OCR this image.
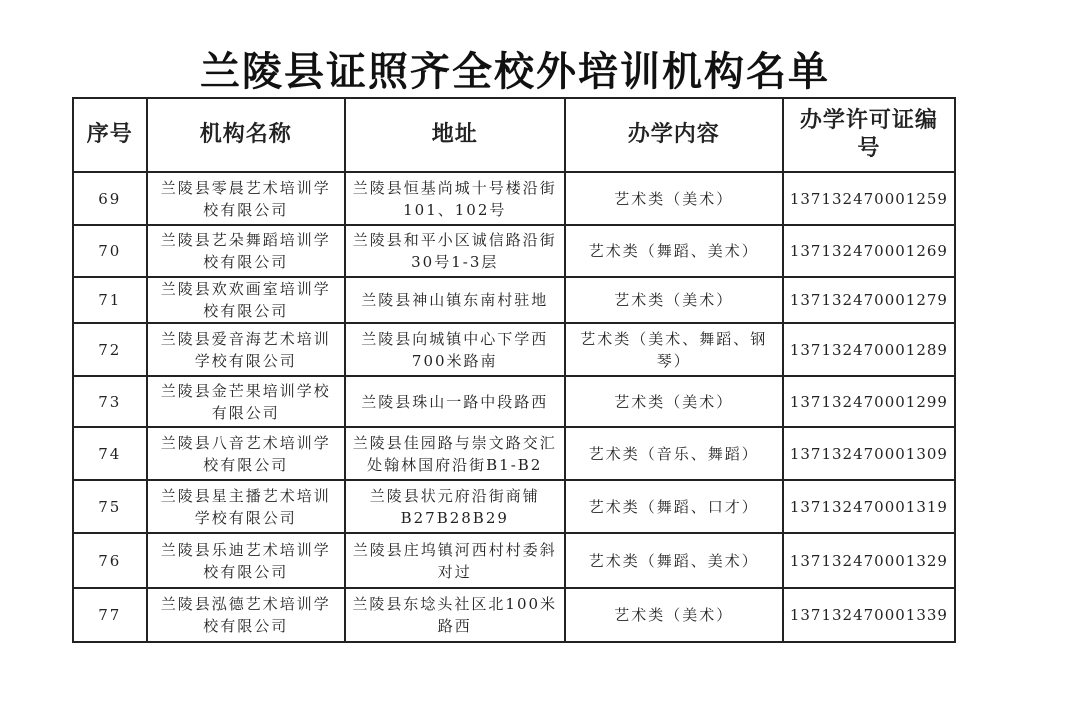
兰陵县证照齐全校外培训机构名单
序号	机构名称	地址	办学内容	办学许可证编号
69	兰陵县零晨艺术培训学校有限公司	兰陵县恒基尚城十号楼沿街101、102号	艺术类（美术）	137132470001259
70	兰陵县艺朵舞蹈培训学校有限公司	兰陵县和平小区诚信路沿街30号1-3层	艺术类（舞蹈、美术）	137132470001269
71	兰陵县欢欢画室培训学校有限公司	兰陵县神山镇东南村驻地	艺术类（美术）	137132470001279
72	兰陵县爱音海艺术培训学校有限公司	兰陵县向城镇中心下学西700米路南	艺术类（美术、舞蹈、钢琴）	137132470001289
73	兰陵县金芒果培训学校有限公司	兰陵县珠山一路中段路西	艺术类（美术）	137132470001299
74	兰陵县八音艺术培训学校有限公司	兰陵县佳园路与崇文路交汇处翰林国府沿街B1-B2	艺术类（音乐、舞蹈）	137132470001309
75	兰陵县星主播艺术培训学校有限公司	兰陵县状元府沿街商铺B27B28B29	艺术类（舞蹈、口才）	137132470001319
76	兰陵县乐迪艺术培训学校有限公司	兰陵县庄坞镇河西村村委斜对过	艺术类（舞蹈、美术）	137132470001329
77	兰陵县泓德艺术培训学校有限公司	兰陵县东埝头社区北100米路西	艺术类（美术）	137132470001339
